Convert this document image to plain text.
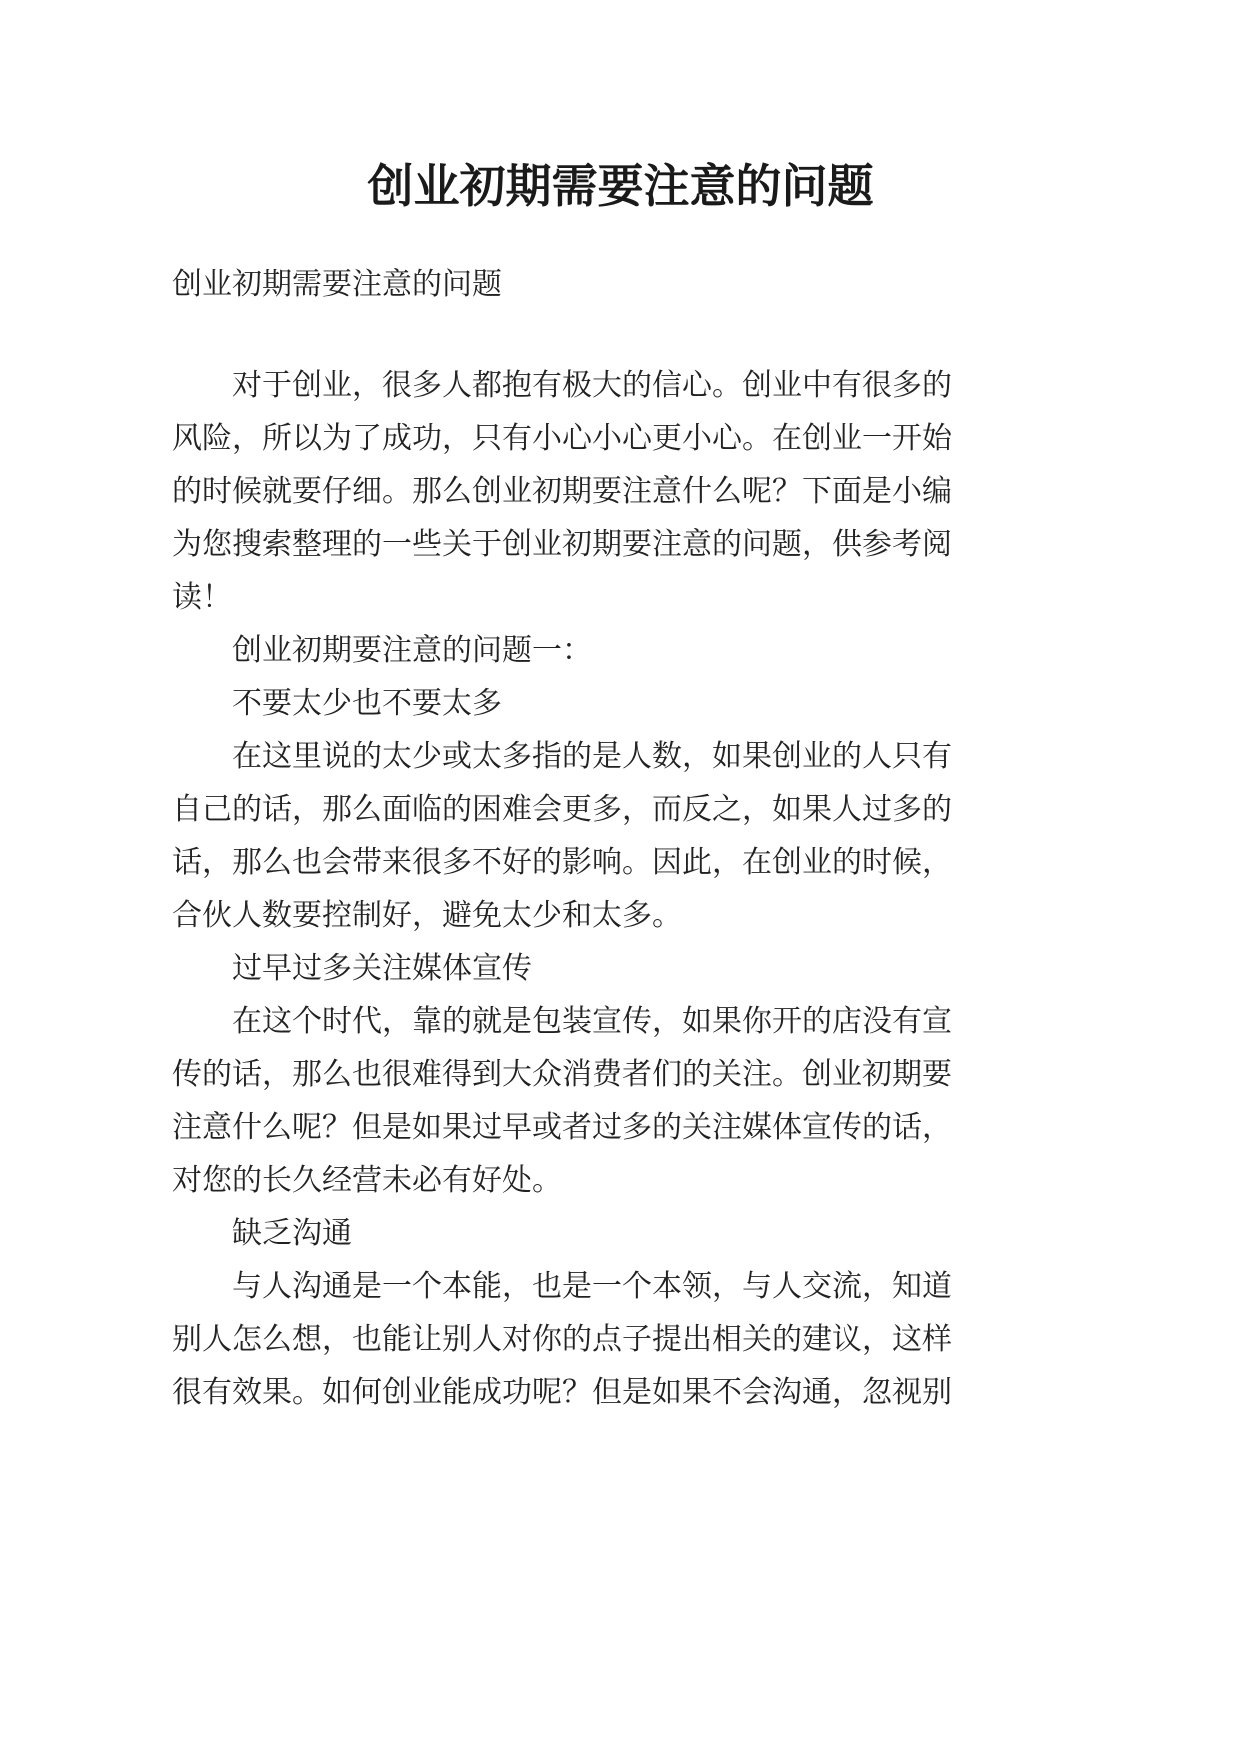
创业初期需要注意的问题
创业初期需要注意的问题
对于创业，很多人都抱有极大的信心。创业中有很多的
风险，所以为了成功，只有小心小心更小心。在创业一开始
的时候就要仔细。那么创业初期要注意什么呢？下面是小编
为您搜索整理的一些关于创业初期要注意的问题，供参考阅
读！
创业初期要注意的问题一：
不要太少也不要太多
在这里说的太少或太多指的是人数，如果创业的人只有
自己的话，那么面临的困难会更多，而反之，如果人过多的
话，那么也会带来很多不好的影响。因此，在创业的时候，
合伙人数要控制好，避免太少和太多。
过早过多关注媒体宣传
在这个时代，靠的就是包装宣传，如果你开的店没有宣
传的话，那么也很难得到大众消费者们的关注。创业初期要
注意什么呢？但是如果过早或者过多的关注媒体宣传的话，
对您的长久经营未必有好处。
缺乏沟通
与人沟通是一个本能，也是一个本领，与人交流，知道
别人怎么想，也能让别人对你的点子提出相关的建议，这样
很有效果。如何创业能成功呢？但是如果不会沟通，忽视别
